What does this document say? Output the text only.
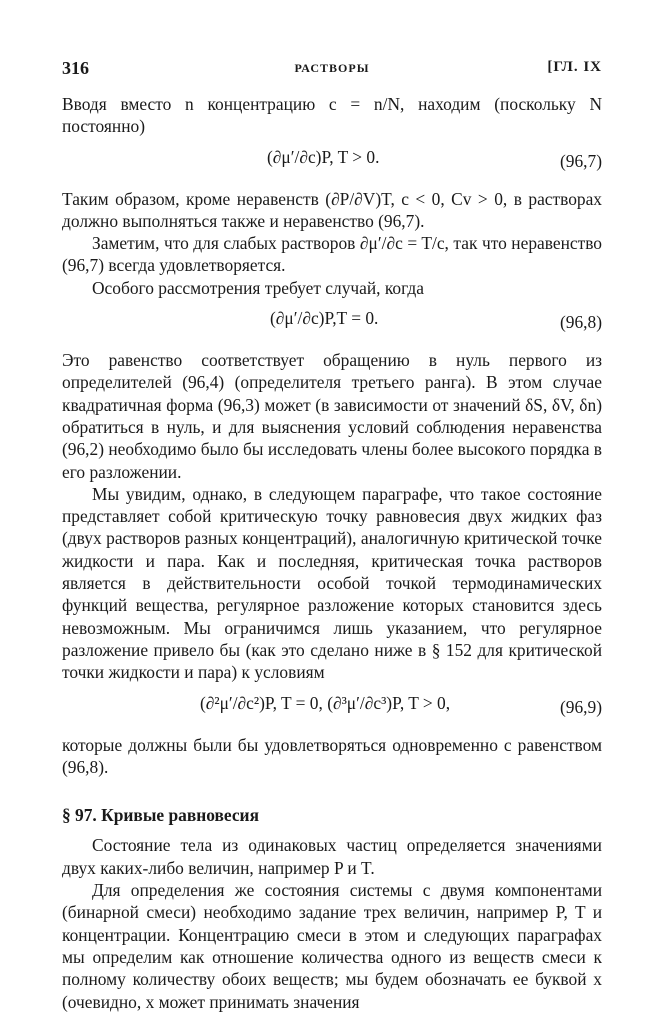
316	РАСТВОРЫ	[ГЛ. IX

Вводя вместо n концентрацию c = n/N, находим (поскольку N постоянно)

(∂μ′/∂c)P, T > 0.	(96,7)

Таким образом, кроме неравенств (∂P/∂V)T, c < 0, Cv > 0, в растворах должно выполняться также и неравенство (96,7).

Заметим, что для слабых растворов ∂μ′/∂c = T/c, так что неравенство (96,7) всегда удовлетворяется.

Особого рассмотрения требует случай, когда

(∂μ′/∂c)P,T = 0.	(96,8)

Это равенство соответствует обращению в нуль первого из определителей (96,4) (определителя третьего ранга). В этом случае квадратичная форма (96,3) может (в зависимости от значений δS, δV, δn) обратиться в нуль, и для выяснения условий соблюдения неравенства (96,2) необходимо было бы исследовать члены более высокого порядка в его разложении.

Мы увидим, однако, в следующем параграфе, что такое состояние представляет собой критическую точку равновесия двух жидких фаз (двух растворов разных концентраций), аналогичную критической точке жидкости и пара. Как и последняя, критическая точка растворов является в действительности особой точкой термодинамических функций вещества, регулярное разложение которых становится здесь невозможным. Мы ограничимся лишь указанием, что регулярное разложение привело бы (как это сделано ниже в § 152 для критической точки жидкости и пара) к условиям

(∂²μ′/∂c²)P, T = 0, (∂³μ′/∂c³)P, T > 0,	(96,9)

которые должны были бы удовлетворяться одновременно с равенством (96,8).

§ 97. Кривые равновесия

Состояние тела из одинаковых частиц определяется значениями двух каких-либо величин, например P и T.

Для определения же состояния системы с двумя компонентами (бинарной смеси) необходимо задание трех величин, например P, T и концентрации. Концентрацию смеси в этом и следующих параграфах мы определим как отношение количества одного из веществ смеси к полному количеству обоих веществ; мы будем обозначать ее буквой x (очевидно, x может принимать значения
